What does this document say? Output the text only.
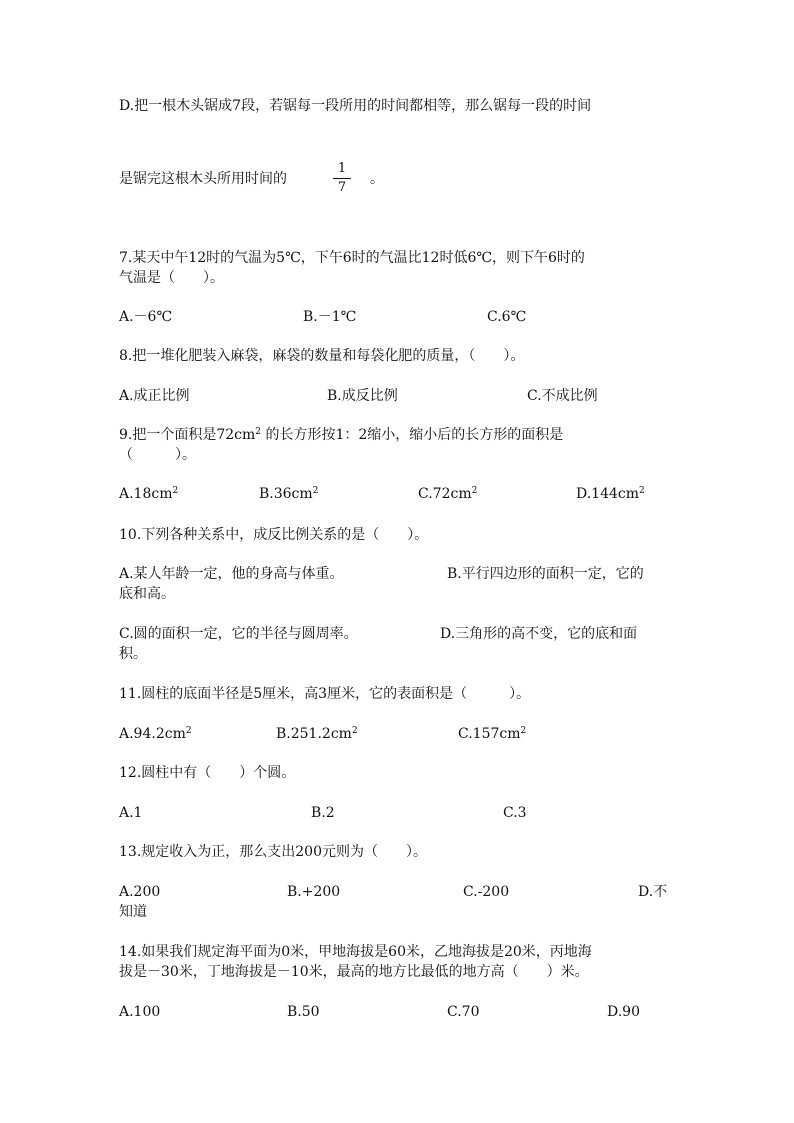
D.把一根木头锯成7段，若锯每一段所用的时间都相等，那么锯每一段的时间
是锯完这根木头所用时间的
1
7
。
7.某天中午12时的气温为5℃，下午6时的气温比12时低6℃，则下午6时的
气温是（　　）。
A.－6℃	B.－1℃	C.6℃
8.把一堆化肥装入麻袋，麻袋的数量和每袋化肥的质量，（　　）。
A.成正比例	B.成反比例	C.不成比例
9.把一个面积是$72cm^2$ 的长方形按1：2缩小，缩小后的长方形的面积是
（　　　）。
$A.18cm^2$	$B.36cm^2$	$C.72cm^2$	$D.144cm^2$
10.下列各种关系中，成反比例关系的是（　　）。
A.某人年龄一定，他的身高与体重。	B.平行四边形的面积一定，它的
底和高。
C.圆的面积一定，它的半径与圆周率。	D.三角形的高不变，它的底和面
积。
11.圆柱的底面半径是5厘米，高3厘米，它的表面积是（　　　）。
$A.94.2cm^2$	$B.251.2cm^2$	$C.157cm^2$
12.圆柱中有（　　）个圆。
A.1	B.2	C.3
13.规定收入为正，那么支出200元则为（　　）。
A.200	B.+200	C.-200	D.不
知道
14.如果我们规定海平面为0米，甲地海拔是60米，乙地海拔是20米，丙地海
拔是－30米，丁地海拔是－10米，最高的地方比最低的地方高（　　）米。
A.100	B.50	C.70	D.90
